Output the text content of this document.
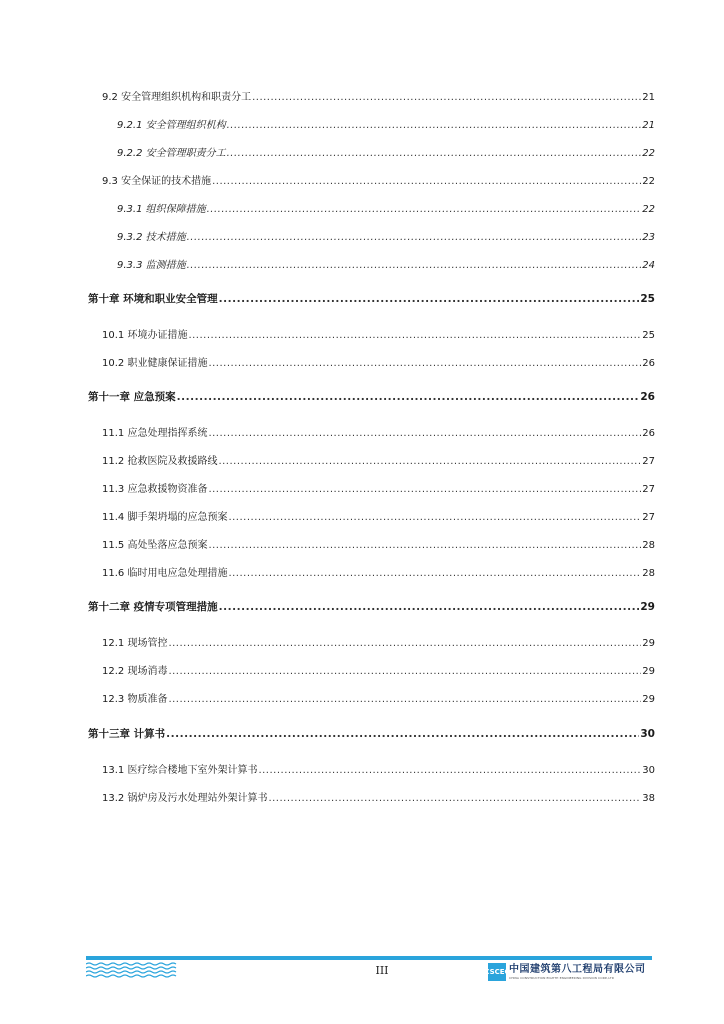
9.2 安全管理组织机构和职责分工 .....	21
9.2.1 安全管理组织机构 .....	21
9.2.2 安全管理职责分工 .....	22
9.3 安全保证的技术措施 .....	22
9.3.1 组织保障措施 .....	22
9.3.2 技术措施 .....	23
9.3.3 监测措施 .....	24
第十章 环境和职业安全管理 .....	25
10.1 环境办证措施 .....	25
10.2 职业健康保证措施 .....	26
第十一章 应急预案 .....	26
11.1 应急处理指挥系统 .....	26
11.2 抢救医院及救援路线 .....	27
11.3 应急救援物资准备 .....	27
11.4 脚手架坍塌的应急预案 .....	27
11.5 高处坠落应急预案 .....	28
11.6 临时用电应急处理措施 .....	28
第十二章 疫情专项管理措施 .....	29
12.1 现场管控 .....	29
12.2 现场消毒 .....	29
12.3 物质准备 .....	29
第十三章 计算书 .....	30
13.1 医疗综合楼地下室外架计算书 .....	30
13.2 锅炉房及污水处理站外架计算书 .....	38
III	CSCEC 中国建筑第八工程局有限公司
CHINA CONSTRUCTION EIGHTH ENGINEERING DIVISION CORP.,LTD
